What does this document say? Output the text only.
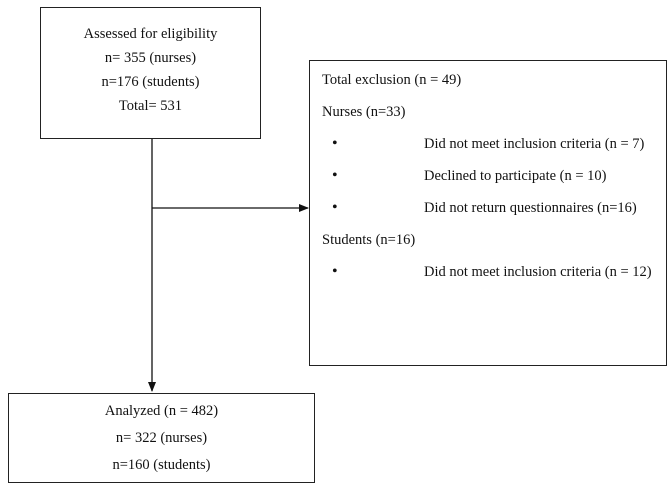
Assessed for eligibility
n= 355 (nurses)
n=176 (students)
Total= 531
Total exclusion (n = 49)
Nurses (n=33)
•	Did not meet inclusion criteria (n = 7)
•	Declined to participate (n = 10)
•	Did not return questionnaires (n=16)
Students (n=16)
•	Did not meet inclusion criteria (n = 12)
Analyzed (n = 482)
n= 322 (nurses)
n=160 (students)
